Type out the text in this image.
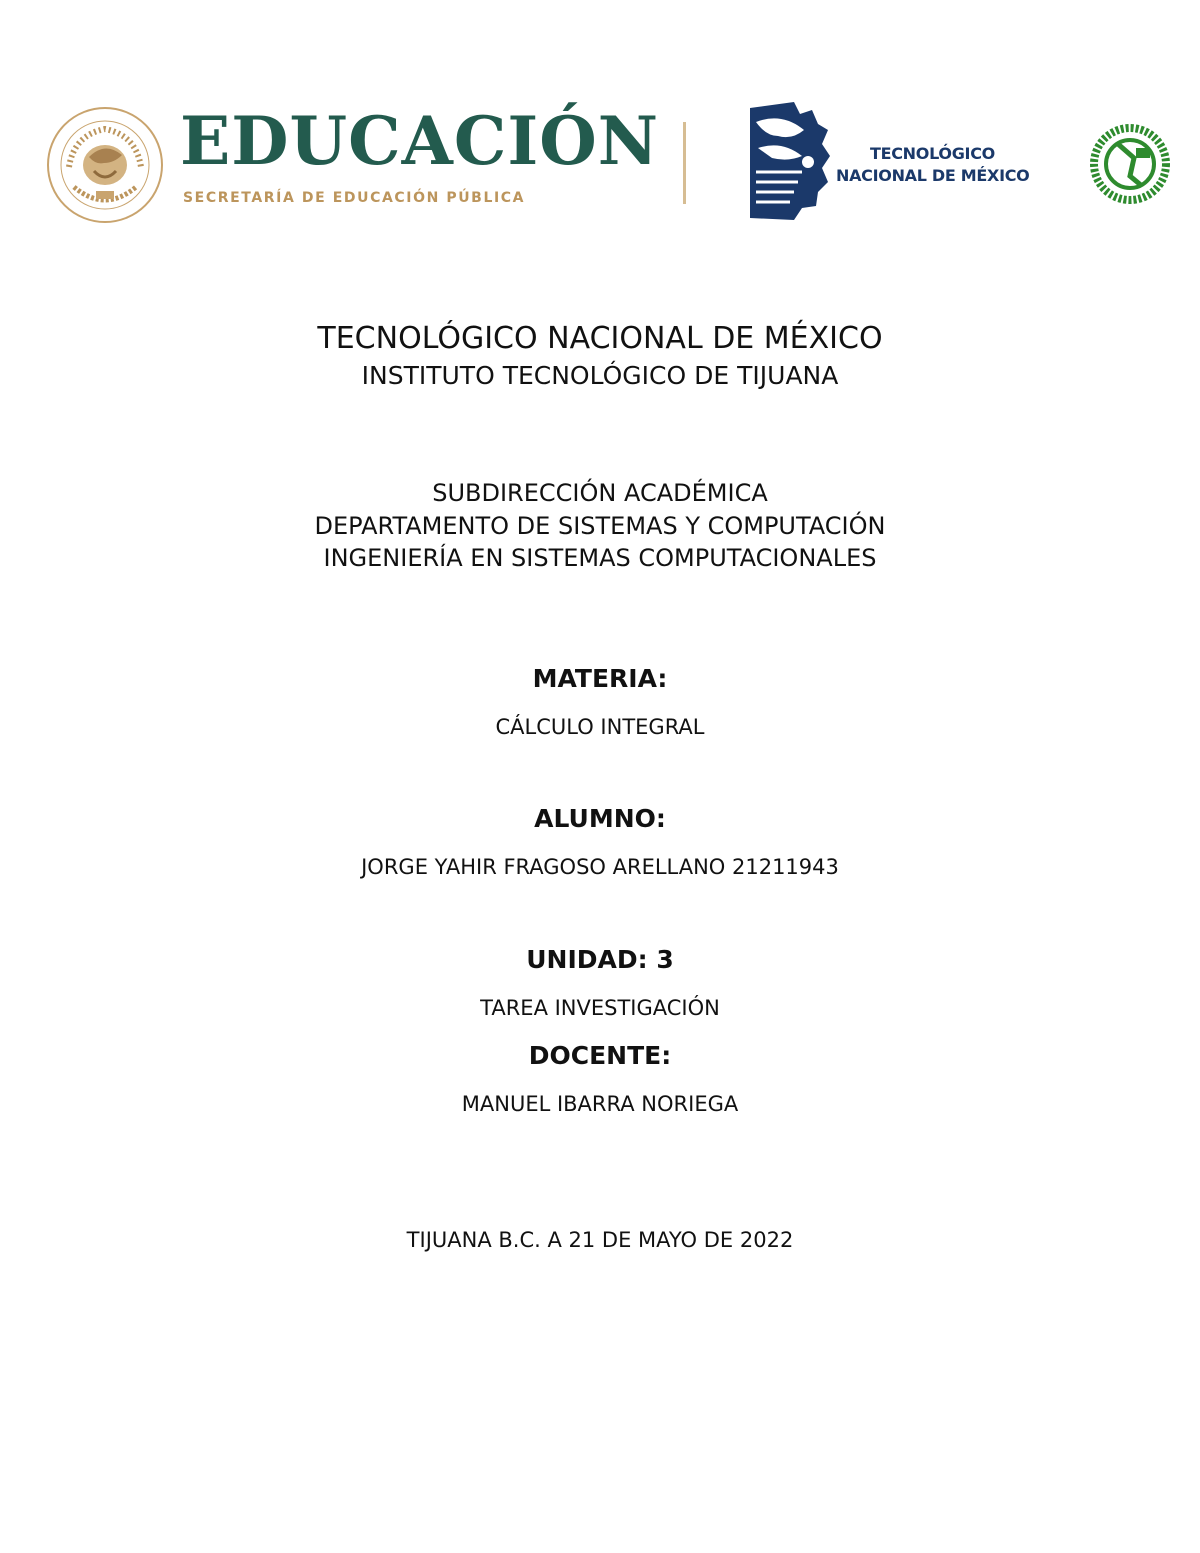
EDUCACIÓN
SECRETARÍA DE EDUCACIÓN PÚBLICA
TECNOLÓGICO
NACIONAL DE MÉXICO
TECNOLÓGICO NACIONAL DE MÉXICO
INSTITUTO TECNOLÓGICO DE TIJUANA
SUBDIRECCIÓN ACADÉMICA
DEPARTAMENTO DE SISTEMAS Y COMPUTACIÓN
INGENIERÍA EN SISTEMAS COMPUTACIONALES
MATERIA:
CÁLCULO INTEGRAL
ALUMNO:
JORGE YAHIR FRAGOSO ARELLANO 21211943
UNIDAD: 3
TAREA INVESTIGACIÓN
DOCENTE:
MANUEL IBARRA NORIEGA
TIJUANA B.C. A 21 DE MAYO DE 2022
